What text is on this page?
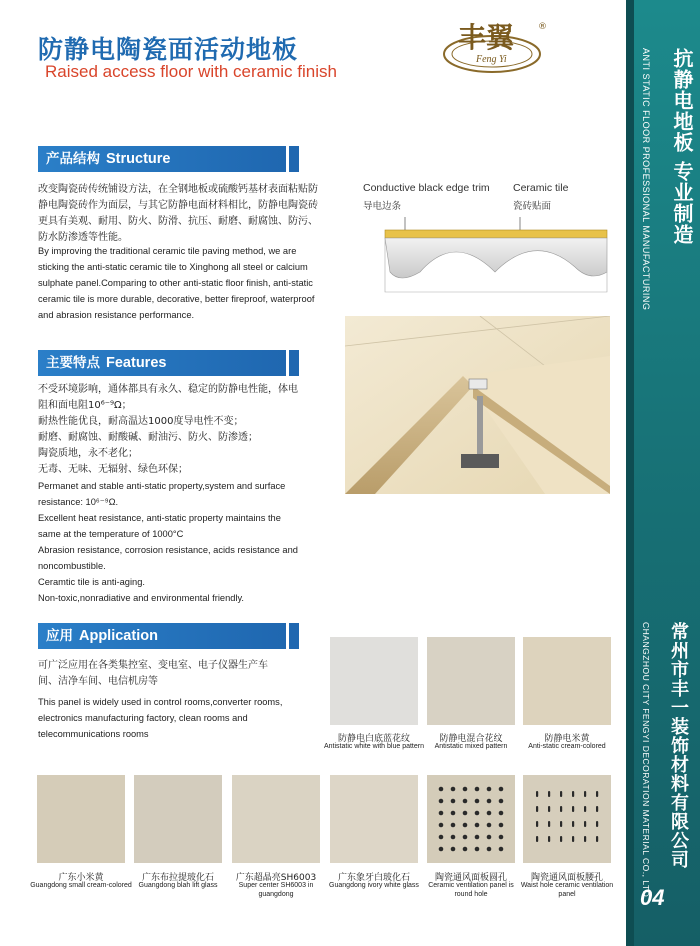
抗静电地板 专业制造
ANTI STATIC FLOOR PROFESSIONAL MANUFACTURING
常州市丰一装饰材料有限公司
CHANGZHOU CITY FENGYI DECORATION MATERIAL CO., LTD
04
防静电陶瓷面活动地板
Raised access floor with ceramic finish
丰翼
Feng Yi
®
产品结构 Structure
改变陶瓷砖传统铺设方法，在全钢地板或硫酸钙基材表面粘贴防静电陶瓷砖作为面层，与其它防静电面材料相比，防静电陶瓷砖更具有美观、耐用、防火、防滑、抗压、耐磨、耐腐蚀、防污、防水防渗透等性能。
By improving the traditional ceramic tile paving method, we are sticking the anti-static ceramic tile to Xinghong all steel or calcium sulphate panel.Comparing to other anti-static floor finish, anti-static ceramic tile is more durable, decorative, better fireproof, waterproof and abrasion resistance performance.
Conductive black edge trim
导电边条
Ceramic tile
瓷砖贴面
主要特点 Features
不受环境影响，通体都具有永久、稳定的防静电性能，体电
阻和面电阻10⁶⁻⁹Ω；
耐热性能优良，耐高温达1000度导电性不变；
耐磨、耐腐蚀、耐酸碱、耐油污、防火、防渗透；
陶瓷质地，永不老化；
无毒、无味、无辐射、绿色环保；
Permanet and stable anti-static property,system and surface
resistance: 10⁶⁻⁹Ω.
Excellent heat resistance, anti-static property maintains the
same at the temperature of 1000°C
Abrasion resistance, corrosion resistance, acids resistance and
noncombustible.
Ceramtic tile is anti-aging.
Non-toxic,nonradiative and environmental friendly.
应用 Application
可广泛应用在各类集控室、变电室、电子仪器生产车
间、洁净车间、电信机房等
This panel is widely used in control rooms,converter rooms,
electronics manufacturing factory, clean rooms and
telecommunications rooms	防静电白底蓝花纹
Antistatic white with blue pattern
防静电混合花纹
Antistatic mixed pattern
防静电米黄
Anti-static cream-colored
广东小米黄
Guangdong small cream-colored
广东布拉提玻化石
Guangdong blah lift glass
广东超晶亮SH6003
Super center SH6003 in guangdong
广东象牙白玻化石
Guangdong ivory white glass
陶瓷通风面板圆孔
Ceramic ventilation panel is round hole
陶瓷通风面板腰孔
Waist hole ceramic ventilation panel
